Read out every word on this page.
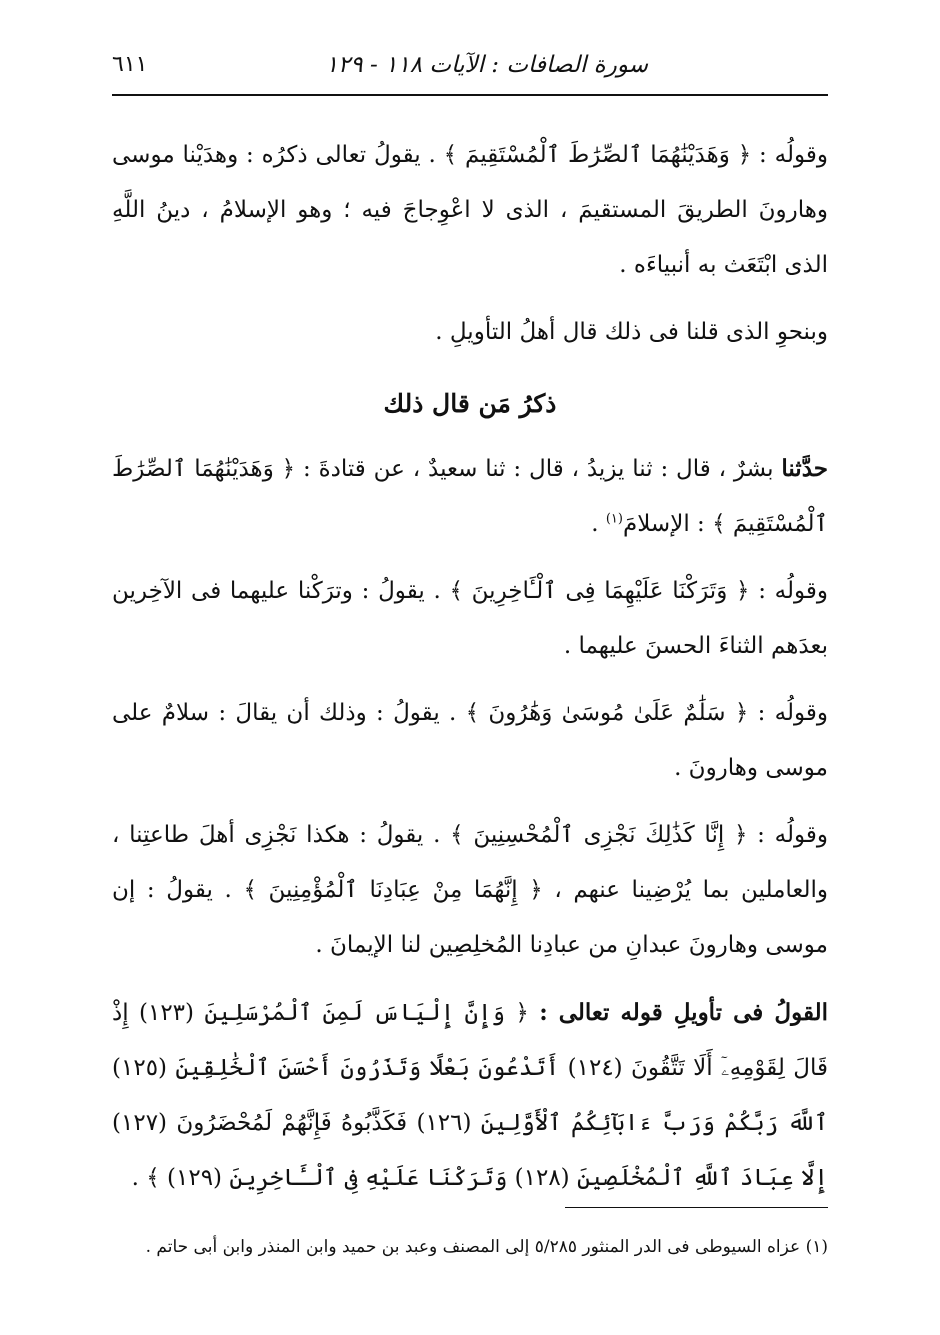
سورة الصافات : الآيات ١١٨ - ١٢٩
٦١١

وقولُه : ﴿ وَهَدَيْنَٰهُمَا ٱلصِّرَٰطَ ٱلْمُسْتَقِيمَ ﴾ . يقولُ تعالى ذكرُه : وهدَيْنا موسى وهارونَ الطريقَ المستقيمَ ، الذى لا اعْوِجاجَ فيه ؛ وهو الإسلامُ ، دينُ اللَّهِ الذى ابْتَعَث به أنبياءَه .

وبنحوِ الذى قلنا فى ذلك قال أهلُ التأويلِ .

ذكرُ مَن قال ذلك

حدَّثنا بشرٌ ، قال : ثنا يزيدُ ، قال : ثنا سعيدٌ ، عن قتادةَ : ﴿ وَهَدَيْنَٰهُمَا ٱلصِّرَٰطَ ٱلْمُسْتَقِيمَ ﴾ : الإسلامَ$^{(١)}$ .

وقولُه : ﴿ وَتَرَكْنَا عَلَيْهِمَا فِى ٱلْـَٔاخِرِينَ ﴾ . يقولُ : وترَكْنا عليهما فى الآخِرين بعدَهم الثناءَ الحسنَ عليهما .

وقولُه : ﴿ سَلَٰمٌ عَلَىٰ مُوسَىٰ وَهَٰرُونَ ﴾ . يقولُ : وذلك أن يقالَ : سلامٌ على موسى وهارونَ .

وقولُه : ﴿ إِنَّا كَذَٰلِكَ نَجْزِى ٱلْمُحْسِنِينَ ﴾ . يقولُ : هكذا نَجْزِى أهلَ طاعتِنا ، والعاملين بما يُرْضِينا عنهم ، ﴿ إِنَّهُمَا مِنْ عِبَادِنَا ٱلْمُؤْمِنِينَ ﴾ . يقولُ : إن موسى وهارونَ عبدانِ من عبادِنا المُخلِصِين لنا الإيمانَ .

القولُ فى تأويلِ قوله تعالى : ﴿ وَإِنَّ إِلْيَاسَ لَمِنَ ٱلْمُرْسَلِينَ (١٢٣) إِذْ قَالَ لِقَوْمِهِۦٓ أَلَا تَتَّقُونَ (١٢٤) أَتَدْعُونَ بَعْلًا وَتَذَرُونَ أَحْسَنَ ٱلْخَٰلِقِينَ (١٢٥) ٱللَّهَ رَبَّكُمْ وَرَبَّ ءَابَآئِكُمُ ٱلْأَوَّلِينَ (١٢٦) فَكَذَّبُوهُ فَإِنَّهُمْ لَمُحْضَرُونَ (١٢٧) إِلَّا عِبَادَ ٱللَّهِ ٱلْمُخْلَصِينَ (١٢٨) وَتَرَكْنَا عَلَيْهِ فِى ٱلْـَٔاخِرِينَ (١٢٩) ﴾ .

(١) عزاه السيوطى فى الدر المنثور ٥/٢٨٥ إلى المصنف وعبد بن حميد وابن المنذر وابن أبى حاتم .
